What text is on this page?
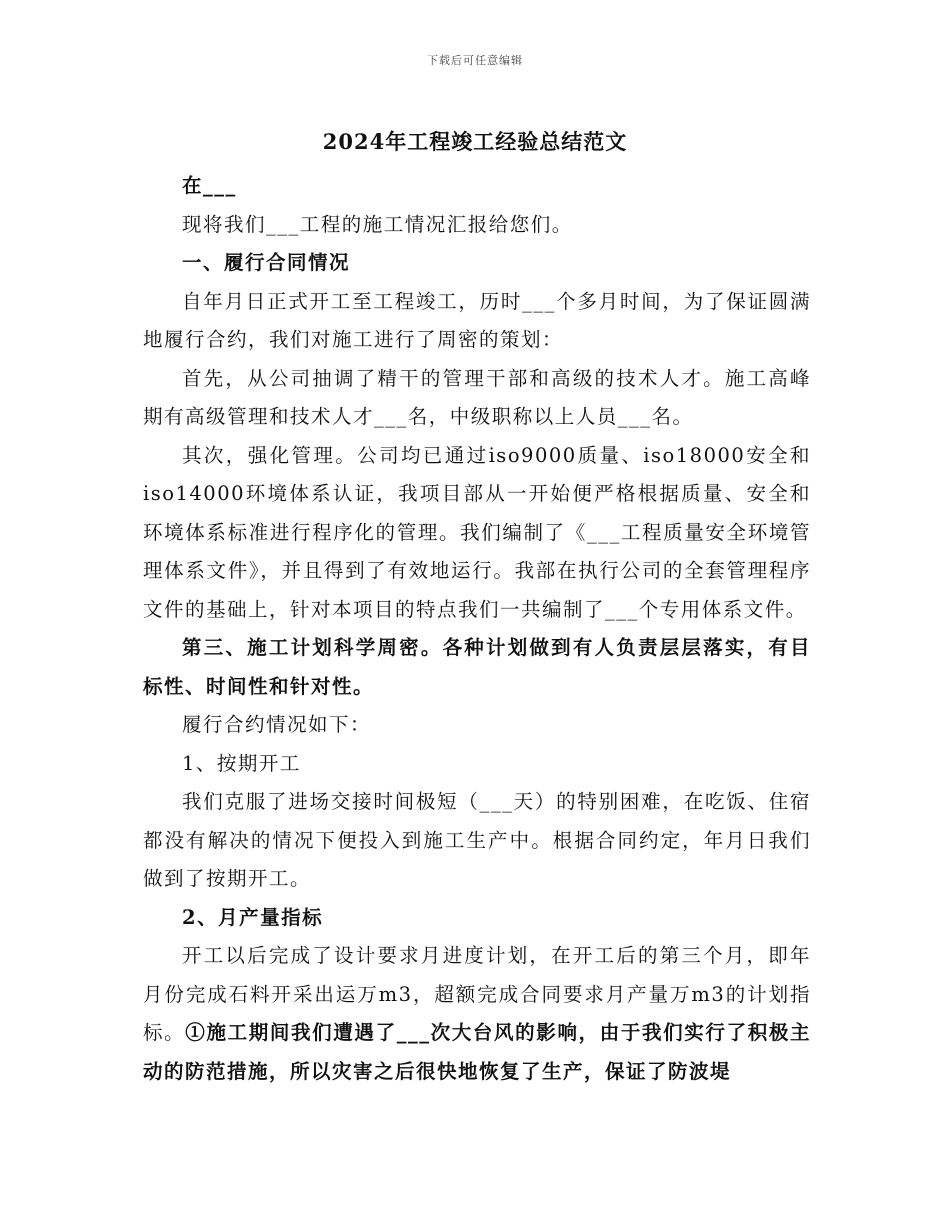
下载后可任意编辑
2024年工程竣工经验总结范文

在___

现将我们___工程的施工情况汇报给您们。

一、履行合同情况

自年月日正式开工至工程竣工，历时___个多月时间，为了保证圆满地履行合约，我们对施工进行了周密的策划：

首先，从公司抽调了精干的管理干部和高级的技术人才。施工高峰期有高级管理和技术人才___名，中级职称以上人员___名。

其次，强化管理。公司均已通过iso9000质量、iso18000安全和iso14000环境体系认证，我项目部从一开始便严格根据质量、安全和环境体系标准进行程序化的管理。我们编制了《___工程质量安全环境管理体系文件》，并且得到了有效地运行。我部在执行公司的全套管理程序文件的基础上，针对本项目的特点我们一共编制了___个专用体系文件。

第三、施工计划科学周密。各种计划做到有人负责层层落实，有目标性、时间性和针对性。

履行合约情况如下：

1、按期开工

我们克服了进场交接时间极短（___天）的特别困难，在吃饭、住宿都没有解决的情况下便投入到施工生产中。根据合同约定，年月日我们做到了按期开工。

2、月产量指标

开工以后完成了设计要求月进度计划，在开工后的第三个月，即年月份完成石料开采出运万m3，超额完成合同要求月产量万m3的计划指标。①施工期间我们遭遇了___次大台风的影响，由于我们实行了积极主动的防范措施，所以灾害之后很快地恢复了生产，保证了防波堤
